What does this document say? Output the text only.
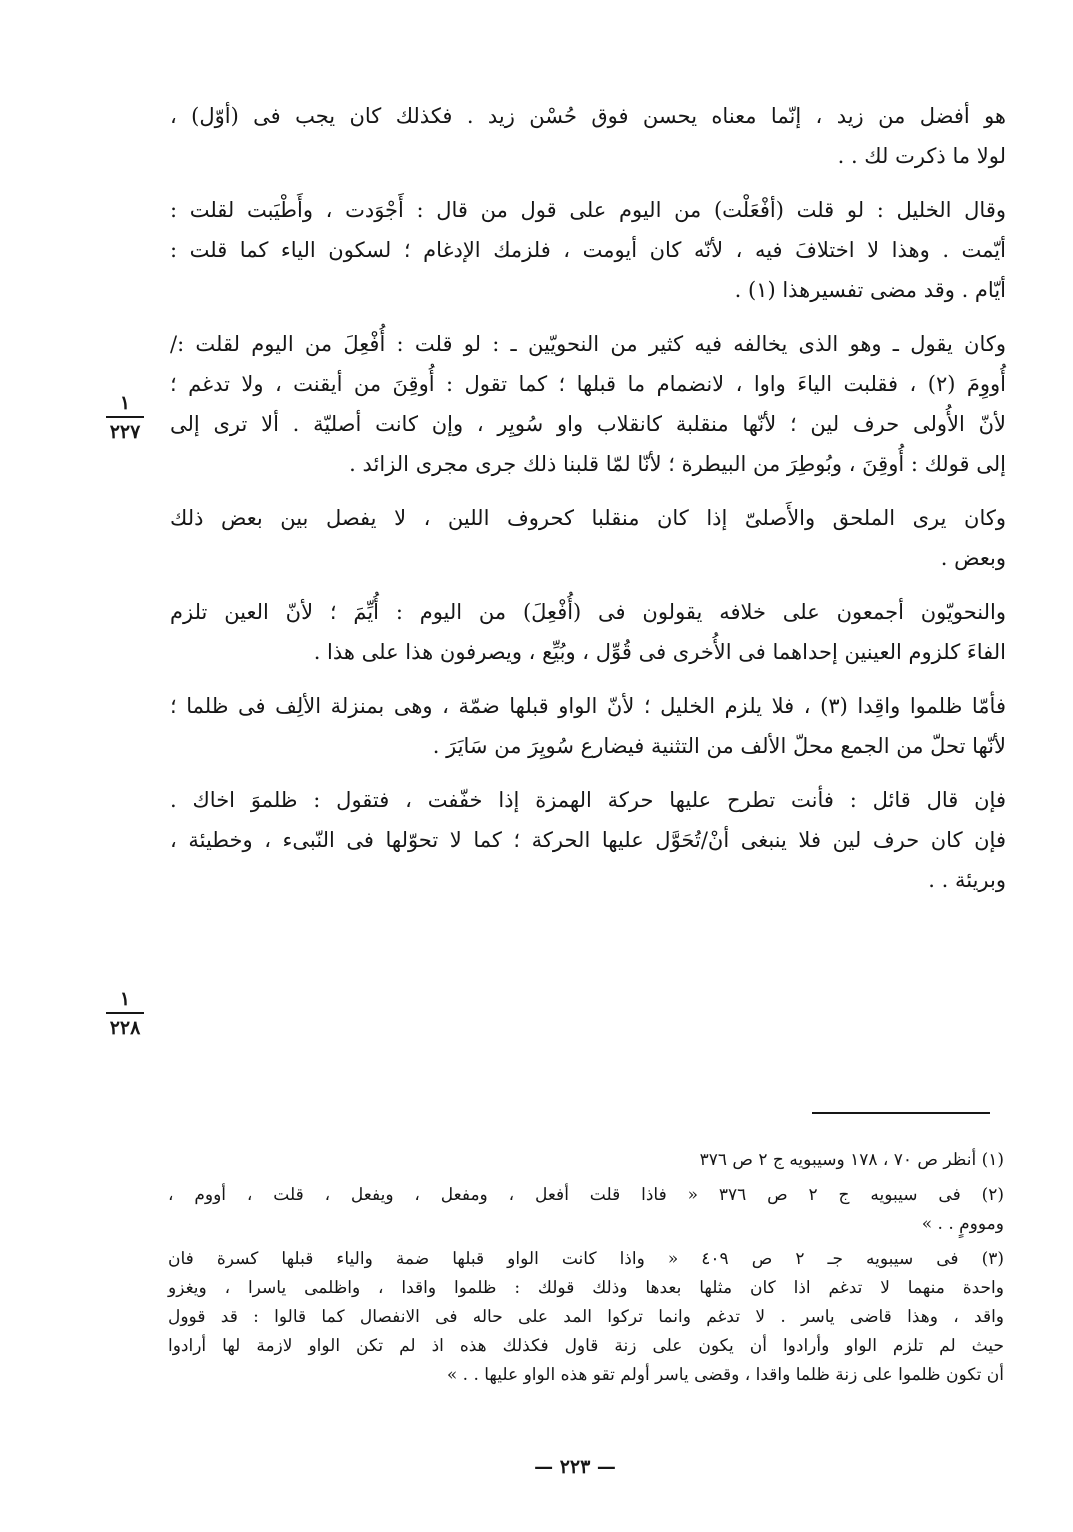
هو أفضل من زيد ، إنّما معناه يحسن فوق حُسْن زيد . فكذلك كان يجب فى (أوّل) ،
لولا ما ذكرت لك . .
وقال الخليل : لو قلت (أفْعَلْت) من اليوم على قول من قال : أَجْوَدت ، وأَطْيَبت لقلت :
أيّمت . وهذا لا اختلافَ فيه ، لأنّه كان أيومت ، فلزمك الإدغام ؛ لسكون الياء كما قلت :
أيّام . وقد مضى تفسيرهذا (١) .
وكان يقول ـ وهو الذى يخالفه فيه كثير من النحويّين ـ : لو قلت : أُفْعِلَ من اليوم لقلت :/
أُووِمَ (٢) ، فقلبت الياءَ واوا ، لانضمام ما قبلها ؛ كما تقول : أُوقِنَ من أيقنت ، ولا تدغم ؛
لأنّ الأُولى حرف لين ؛ لأنّها منقلبة كانقلاب واو سُويِر ، وإن كانت أصليّة . ألا ترى إلى
إلى قولك : أُوقِنَ ، وبُوطِرَ من البيطرة ؛ لأنّا لمّا قلبنا ذلك جرى مجرى الزائد .
وكان يرى الملحق والأَصلىّ إذا كان منقلبا كحروف اللين ، لا يفصل بين بعض ذلك
وبعض .
والنحويّون أجمعون على خلافه يقولون فى (أُفْعِلَ) من اليوم : أُيِّمَ ؛ لأنّ العين تلزم
الفاءَ كلزوم العينين إحداهما فى الأُخرى فى قُوِّل ، وبُيِّع ، ويصرفون هذا على هذا .
فأمّا ظلموا واقِدا (٣) ، فلا يلزم الخليل ؛ لأنّ الواو قبلها ضمّة ، وهى بمنزلة الألِف فى ظلما ؛
لأنّها تحلّ من الجمع محلّ الألف من التثنية فيضارع سُويِرَ من سَايَرَ .
فإن قال قائل : فأنت تطرح عليها حركة الهمزة إذا خفّفت ، فتقول : ظلموَ اخاك .
فإن كان حرف لين فلا ينبغى أنْ/تُحَوَّل عليها الحركة ؛ كما لا تحوّلها فى النّبىء ، وخطيئة ،
وبريئة . .
١
٢٢٧
١
٢٢٨
(١) أنظر ص ٧٠ ، ١٧٨ وسيبويه ج ٢ ص ٣٧٦
(٢) فى سيبويه ج ٢ ص ٣٧٦ « فاذا قلت أفعل ، ومفعل ، ويفعل ، قلت ، أووم ،
وموومٍ . . »
(٣) فى سيبويه جـ ٢ ص ٤٠٩ « واذا كانت الواو قبلها ضمة والياء قبلها كسرة فان
واحدة منهما لا تدغم اذا كان مثلها بعدها وذلك قولك : ظلموا واقدا ، واظلمى ياسرا ، ويغزو
واقد ، وهذا قاضى ياسر . لا تدغم وانما تركوا المد على حاله فى الانفصال كما قالوا : قد قوول
حيث لم تلزم الواو وأرادوا أن يكون على زنة قاول فكذلك هذه اذ لم تكن الواو لازمة لها أرادوا
أن تكون ظلموا على زنة ظلما واقدا ، وقضى ياسر أولم تقو هذه الواو عليها . . »
— ٢٢٣ —
